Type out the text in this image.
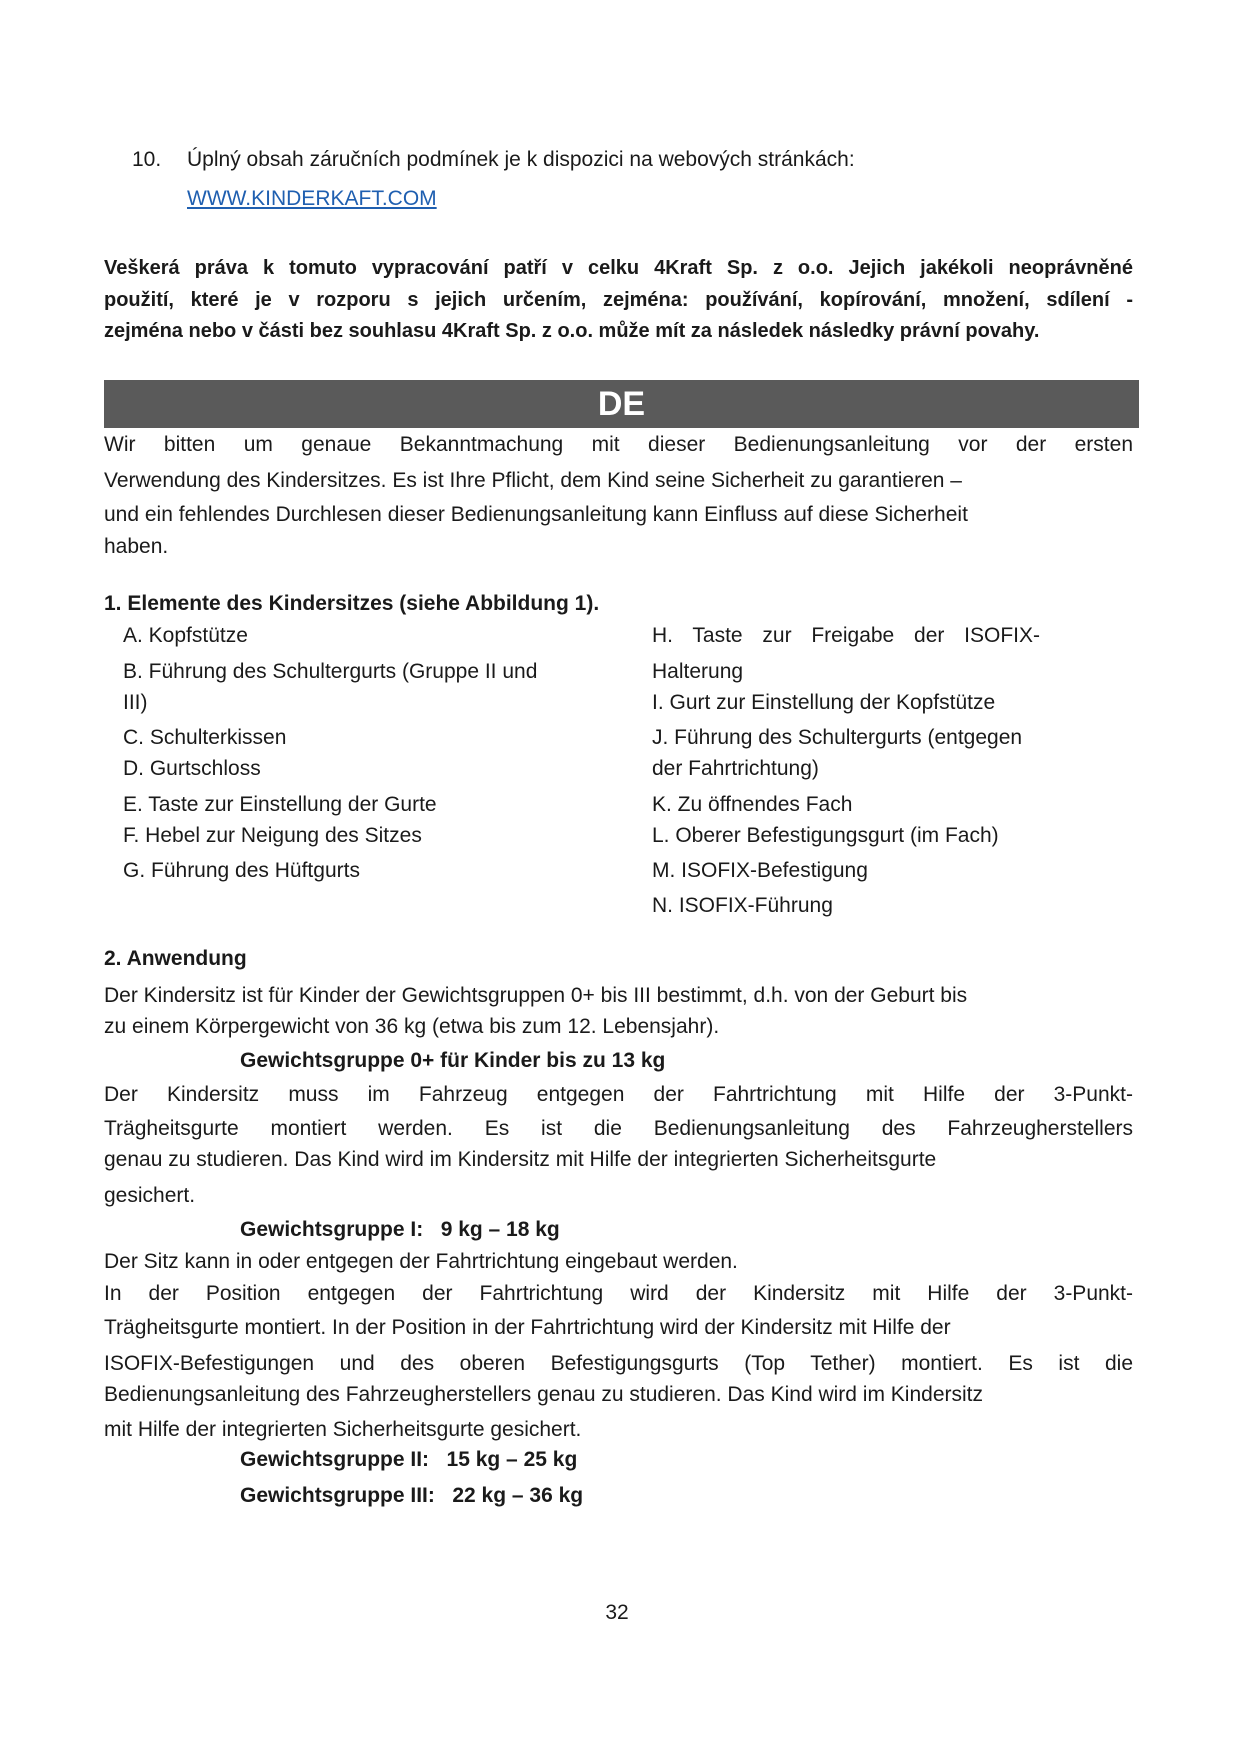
10. Úplný obsah záručních podmínek je k dispozici na webových stránkách:
WWW.KINDERKAFT.COM
Veškerá práva k tomuto vypracování patří v celku 4Kraft Sp. z o.o. Jejich jakékoli neoprávněné
použití, které je v rozporu s jejich určením, zejména: používání, kopírování, množení, sdílení -
zejména nebo v části bez souhlasu 4Kraft Sp. z o.o. může mít za následek následky právní povahy.
DE
Wir bitten um genaue Bekanntmachung mit dieser Bedienungsanleitung vor der ersten
Verwendung des Kindersitzes. Es ist Ihre Pflicht, dem Kind seine Sicherheit zu garantieren –
und ein fehlendes Durchlesen dieser Bedienungsanleitung kann Einfluss auf diese Sicherheit
haben.
1. Elemente des Kindersitzes (siehe Abbildung 1).
A. Kopfstütze
B. Führung des Schultergurts (Gruppe II und
III)
C. Schulterkissen
D. Gurtschloss
E. Taste zur Einstellung der Gurte
F. Hebel zur Neigung des Sitzes
G. Führung des Hüftgurts
H. Taste zur Freigabe der ISOFIX-
Halterung
I. Gurt zur Einstellung der Kopfstütze
J. Führung des Schultergurts (entgegen
der Fahrtrichtung)
K. Zu öffnendes Fach
L. Oberer Befestigungsgurt (im Fach)
M. ISOFIX-Befestigung
N. ISOFIX-Führung
2. Anwendung
Der Kindersitz ist für Kinder der Gewichtsgruppen 0+ bis III bestimmt, d.h. von der Geburt bis
zu einem Körpergewicht von 36 kg (etwa bis zum 12. Lebensjahr).
Gewichtsgruppe 0+ für Kinder bis zu 13 kg
Der Kindersitz muss im Fahrzeug entgegen der Fahrtrichtung mit Hilfe der 3-Punkt-
Trägheitsgurte montiert werden. Es ist die Bedienungsanleitung des Fahrzeugherstellers
genau zu studieren. Das Kind wird im Kindersitz mit Hilfe der integrierten Sicherheitsgurte
gesichert.
Gewichtsgruppe I:   9 kg – 18 kg
Der Sitz kann in oder entgegen der Fahrtrichtung eingebaut werden.
In der Position entgegen der Fahrtrichtung wird der Kindersitz mit Hilfe der 3-Punkt-
Trägheitsgurte montiert. In der Position in der Fahrtrichtung wird der Kindersitz mit Hilfe der
ISOFIX-Befestigungen und des oberen Befestigungsgurts (Top Tether) montiert. Es ist die
Bedienungsanleitung des Fahrzeugherstellers genau zu studieren. Das Kind wird im Kindersitz
mit Hilfe der integrierten Sicherheitsgurte gesichert.
Gewichtsgruppe II:   15 kg – 25 kg
Gewichtsgruppe III:   22 kg – 36 kg
32
